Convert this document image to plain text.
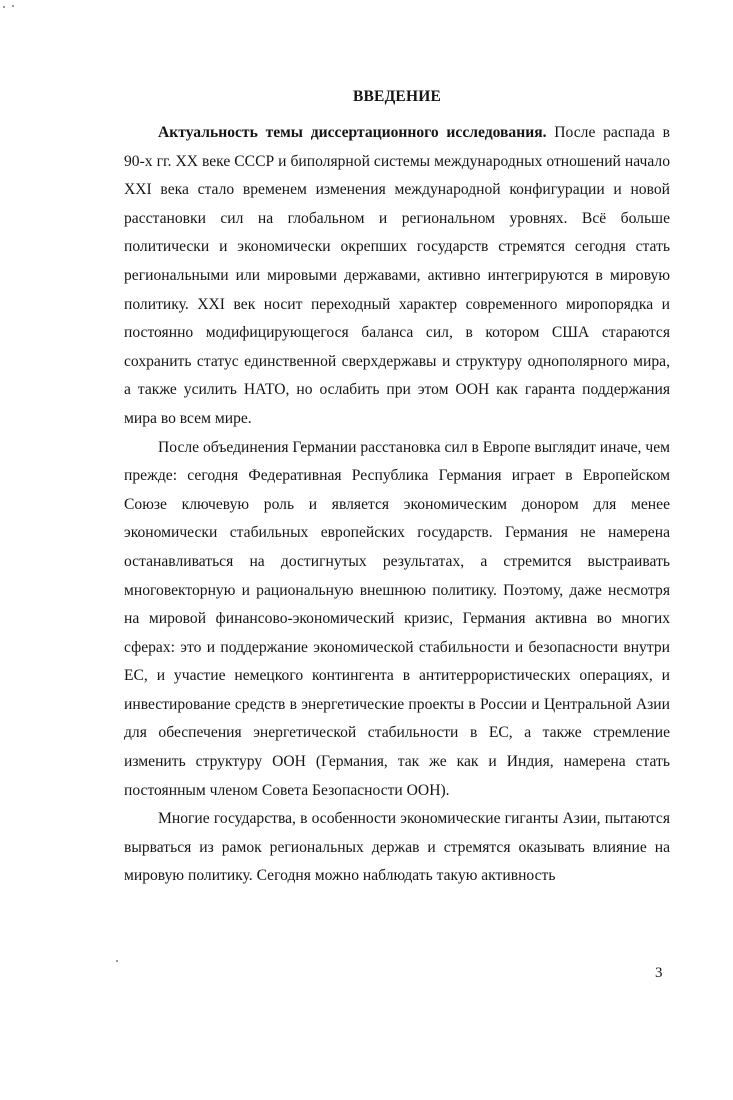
ВВЕДЕНИЕ

Актуальность темы диссертационного исследования. После распада в 90-х гг. XX веке СССР и биполярной системы международных отношений начало XXI века стало временем изменения международной конфигурации и новой расстановки сил на глобальном и региональном уровнях. Всё больше политически и экономически окрепших государств стремятся сегодня стать региональными или мировыми державами, активно интегрируются в мировую политику. XXI век носит переходный характер современного миропорядка и постоянно модифицирующегося баланса сил, в котором США стараются сохранить статус единственной сверхдержавы и структуру однополярного мира, а также усилить НАТО, но ослабить при этом ООН как гаранта поддержания мира во всем мире.

После объединения Германии расстановка сил в Европе выглядит иначе, чем прежде: сегодня Федеративная Республика Германия играет в Европейском Союзе ключевую роль и является экономическим донором для менее экономически стабильных европейских государств. Германия не намерена останавливаться на достигнутых результатах, а стремится выстраивать многовекторную и рациональную внешнюю политику. Поэтому, даже несмотря на мировой финансово-экономический кризис, Германия активна во многих сферах: это и поддержание экономической стабильности и безопасности внутри ЕС, и участие немецкого контингента в антитеррористических операциях, и инвестирование средств в энергетические проекты в России и Центральной Азии для обеспечения энергетической стабильности в ЕС, а также стремление изменить структуру ООН (Германия, так же как и Индия, намерена стать постоянным членом Совета Безопасности ООН).

Многие государства, в особенности экономические гиганты Азии, пытаются вырваться из рамок региональных держав и стремятся оказывать влияние на мировую политику. Сегодня можно наблюдать такую активность

3
